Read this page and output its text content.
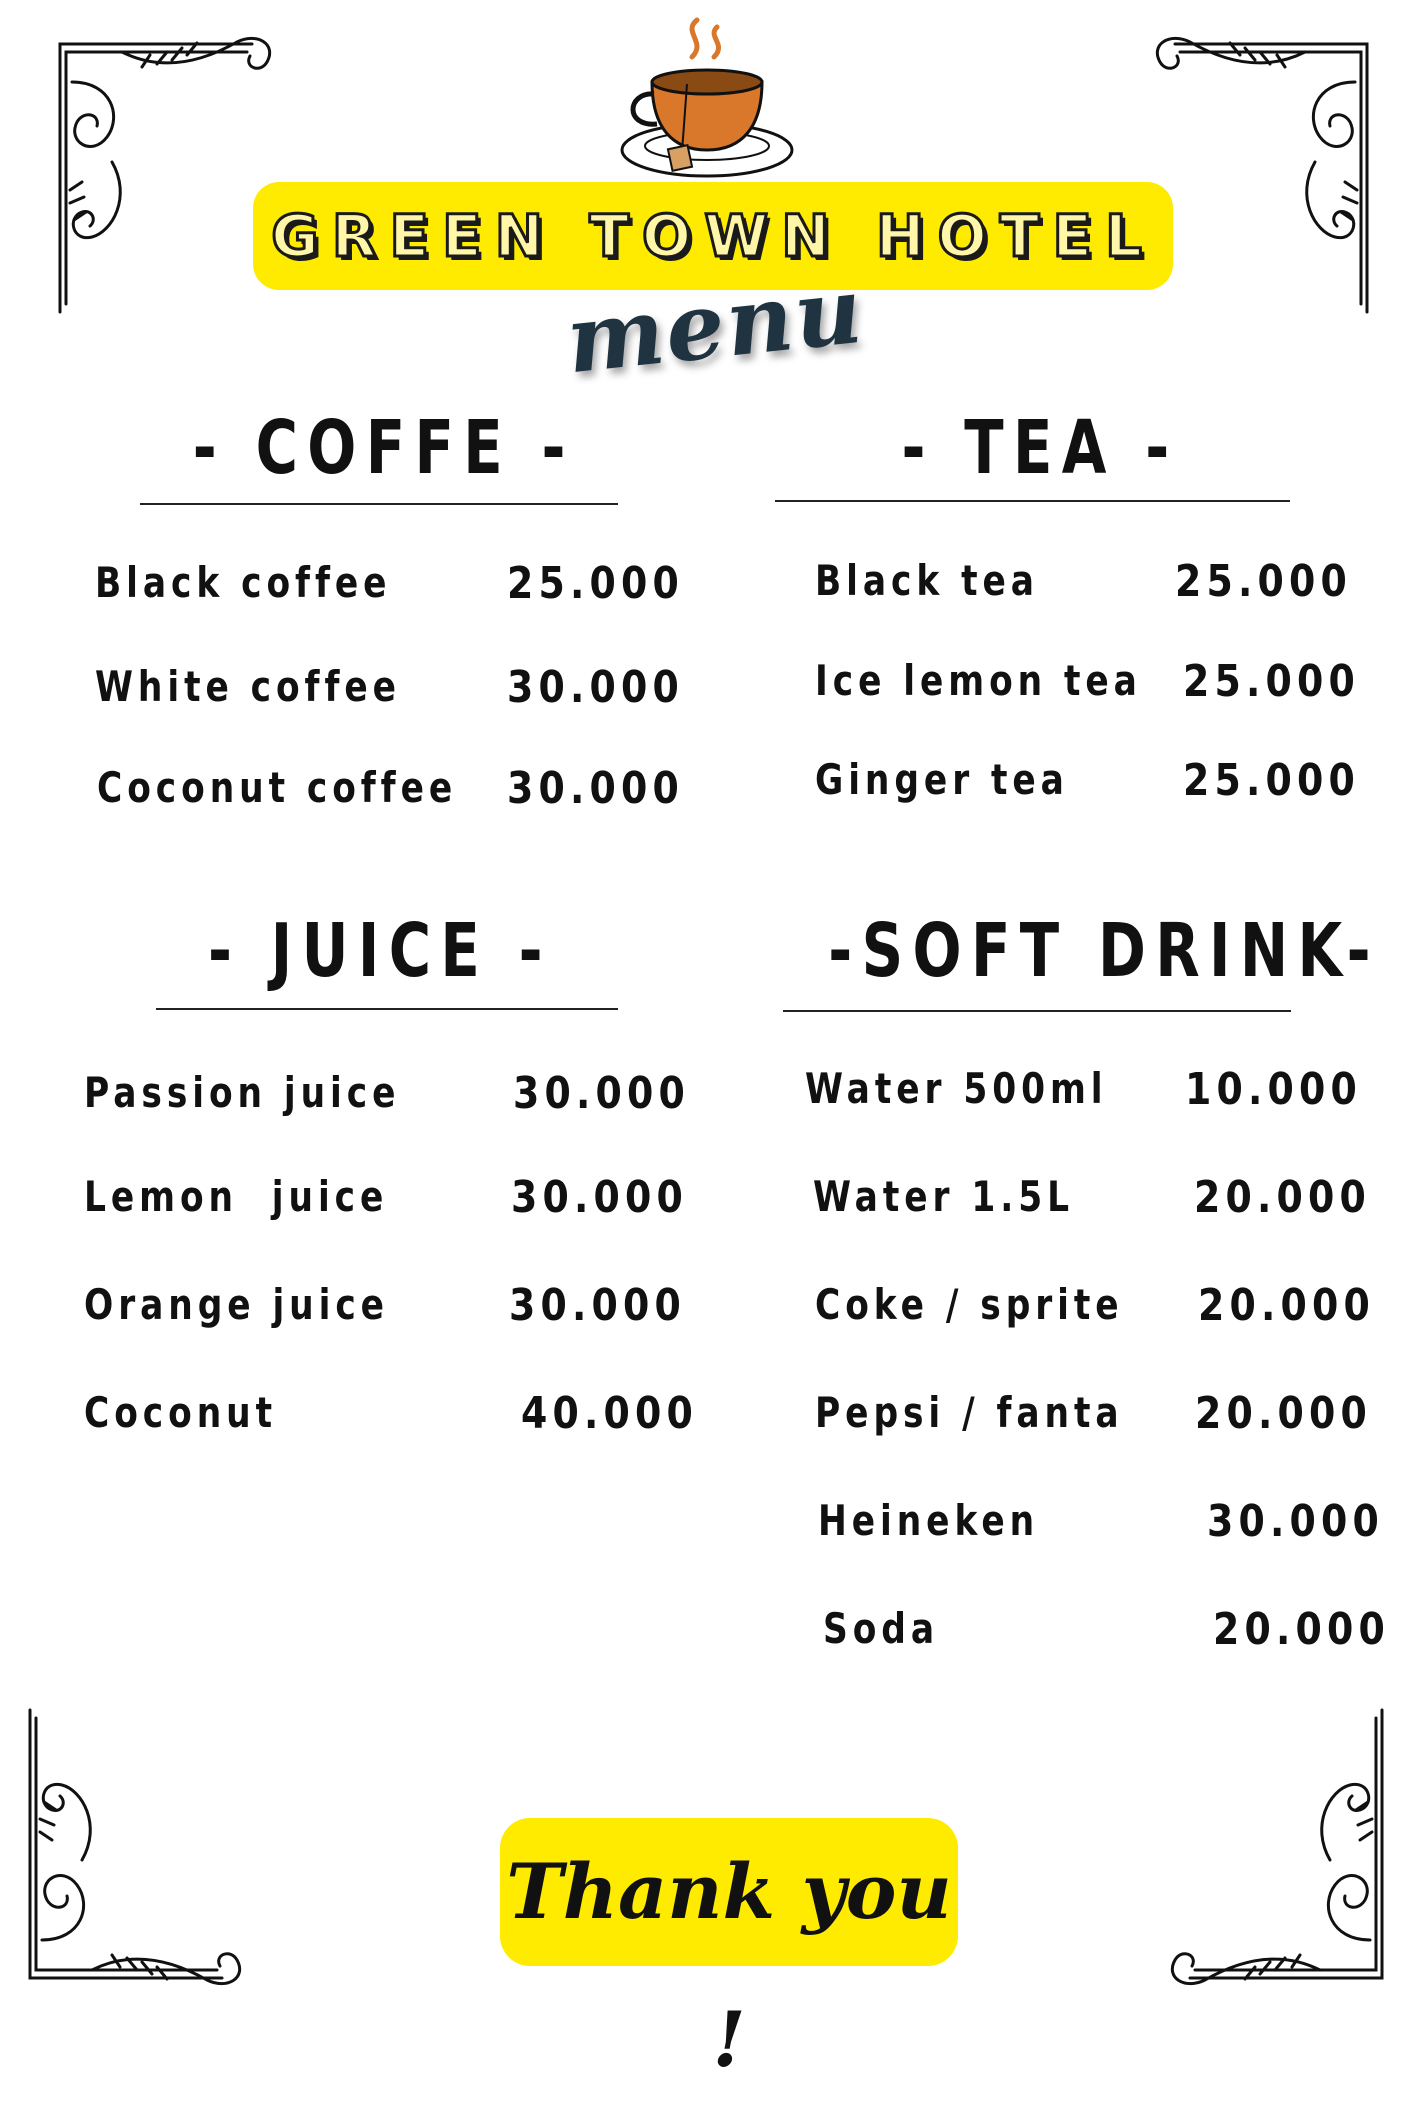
GREEN TOWN HOTEL
menu
- COFFE -
Black coffee	25.000
White coffee 30.000
Coconut coffee 30.000
- TEA -
Black tea	25.000
Ice lemon tea 25.000
Ginger tea	25.000
- JUICE -
Passion juice	30.000
Lemon  juice	30.000
Orange juice	30.000
Coconut	40.000
-SOFT DRINK-
Water 500ml 10.000
Water 1.5L	20.000
Coke / sprite 20.000
Pepsi / fanta 20.000
Heineken	30.000
Soda	20.000
Thank you !
